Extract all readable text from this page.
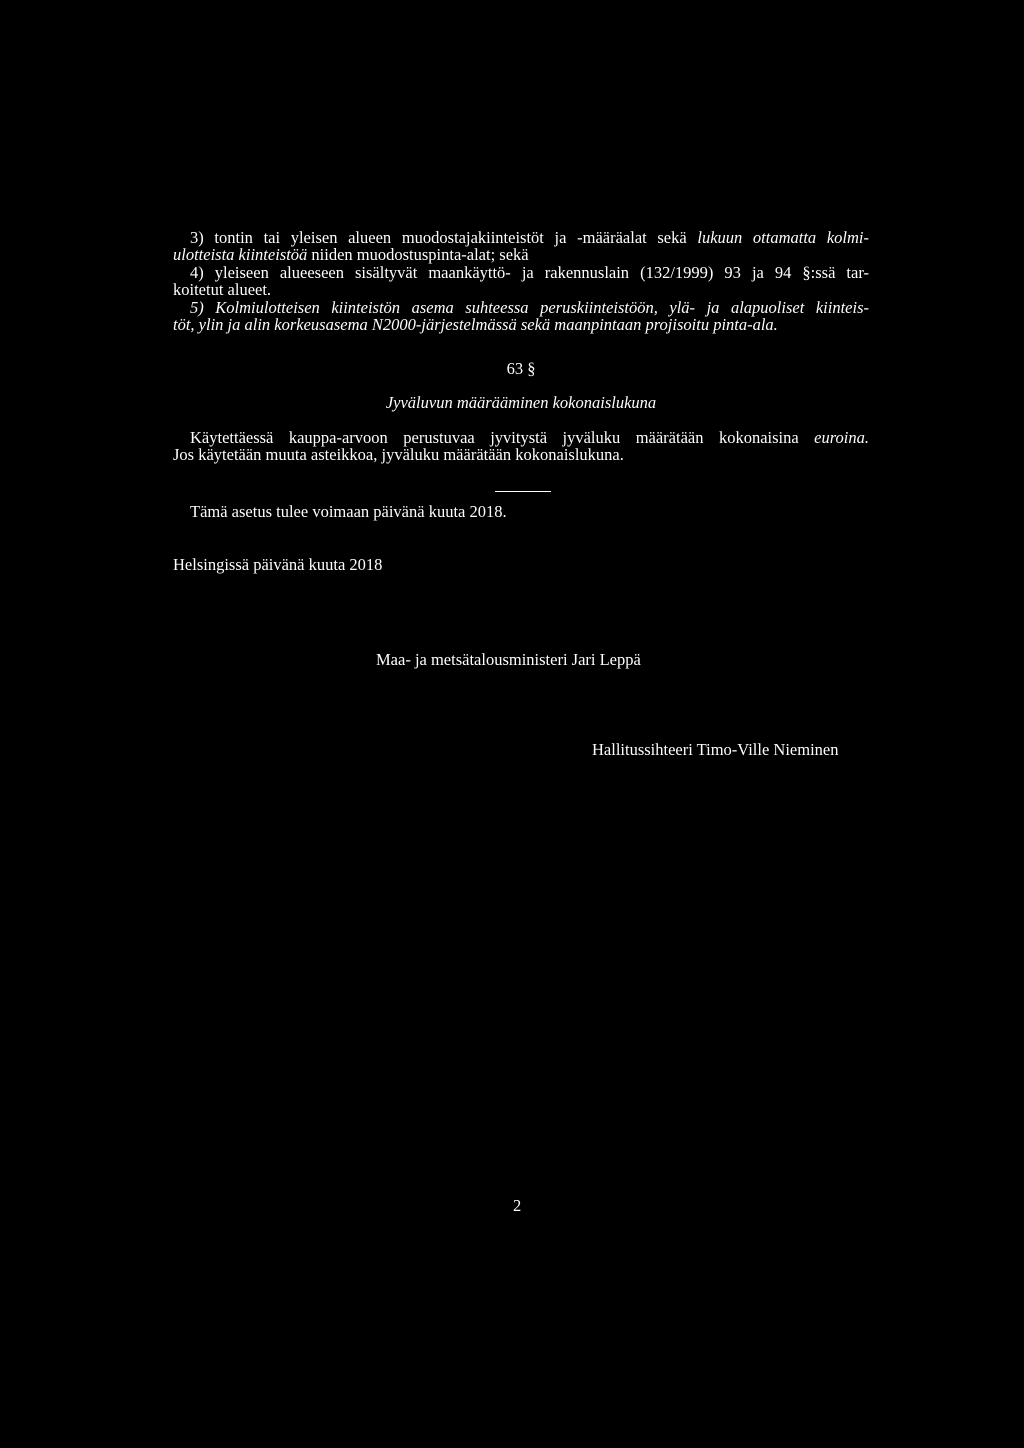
3) tontin tai yleisen alueen muodostajakiinteistöt ja -määräalat sekä lukuun ottamatta kolmi-
ulotteista kiinteistöä niiden muodostuspinta-alat; sekä
4) yleiseen alueeseen sisältyvät maankäyttö- ja rakennuslain (132/1999) 93 ja 94 §:ssä tar-
koitetut alueet.
5) Kolmiulotteisen kiinteistön asema suhteessa peruskiinteistöön, ylä- ja alapuoliset kiinteis-
töt, ylin ja alin korkeusasema N2000-järjestelmässä sekä maanpintaan projisoitu pinta-ala.
63 §
Jyväluvun määrääminen kokonaislukuna
Käytettäessä kauppa-arvoon perustuvaa jyvitystä jyväluku määrätään kokonaisina euroina.
Jos käytetään muuta asteikkoa, jyväluku määrätään kokonaislukuna.
Tämä asetus tulee voimaan päivänä kuuta 2018.
Helsingissä päivänä kuuta 2018
Maa- ja metsätalousministeri Jari Leppä
Hallitussihteeri Timo-Ville Nieminen
2
